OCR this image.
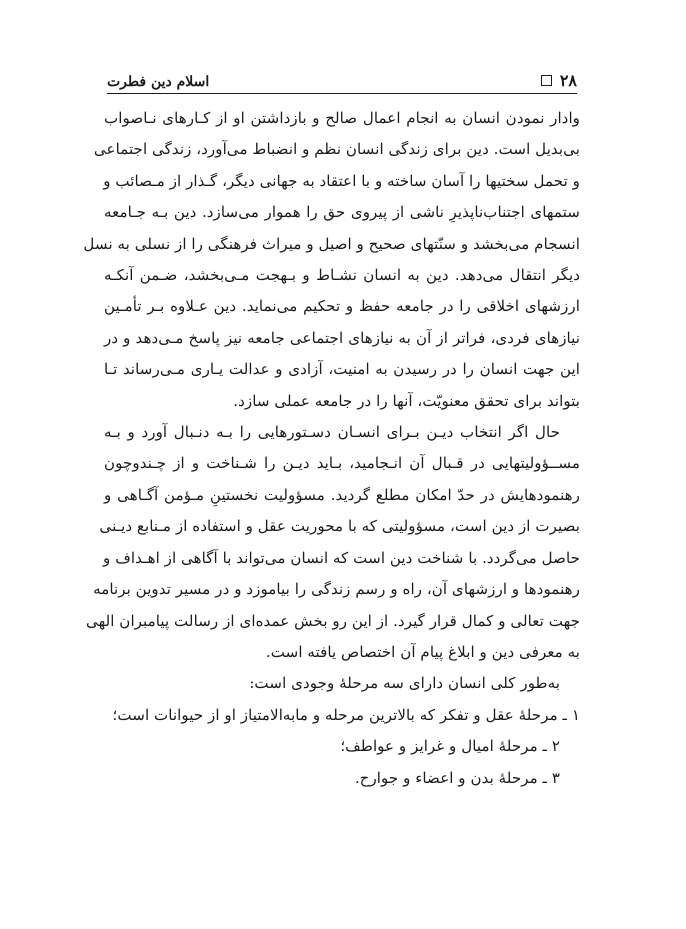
۲۸
اسلام دین فطرت

وادار نمودن انسان به انجام اعمال صالح و بازداشتن او از کـارهای نـاصواب
بی‌بدیل است. دین برای زندگی انسان نظم و انضباط می‌آورد، زندگی اجتماعی
و تحمل سختیها را آسان ساخته و با اعتقاد به جهانی دیگر، گـذار از مـصائب و
ستمهای اجتناب‌ناپذیرِ ناشی از پیروی حق را هموار می‌سازد. دین بـه جـامعه
انسجام می‌بخشد و سنّتهای صحیح و اصیل و میراث فرهنگی را از نسلی به نسل
دیگر انتقال می‌دهد. دین به انسان نشـاط و بـهجت مـی‌بخشد، ضـمن آنکـه
ارزشهای اخلاقی را در جامعه حفظ و تحکیم می‌نماید. دین عـلاوه بـر تأمـین
نیازهای فردی، فراتر از آن به نیازهای اجتماعی جامعه نیز پاسخ مـی‌دهد و در
این جهت انسان را در رسیدن به امنیت، آزادی و عدالت یـاری مـی‌رساند تـا
بتواند برای تحقق معنویّت، آنها را در جامعه عملی سازد.

حال اگر انتخاب دیـن بـرای انسـان دسـتورهایی را بـه دنـبال آورد و بـه
مســؤولیتهایی در قـبال آن انـجامید، بـاید دیـن را شـناخت و از چـندوچون
رهنمودهایش در حدّ امکان مطلع گردید. مسؤولیت نخستینِ مـؤمن آگـاهی و
بصیرت از دین است، مسؤولیتی که با محوریت عقل و استفاده از مـنابع دیـنی
حاصل می‌گردد. با شناخت دین است که انسان می‌تواند با آگاهی از اهـداف و
رهنمودها و ارزشهای آن، راه و رسم زندگی را بیاموزد و در مسیر تدوین برنامه
جهت تعالی و کمال قرار گیرد. از این رو بخش عمده‌ای از رسالت پیامبران الهی
به معرفی دین و ابلاغ پیام آن اختصاص یافته است.

به‌طور کلی انسان دارای سه مرحلۀ وجودی است:

۱ ـ مرحلۀ عقل و تفکر که بالاترین مرحله و مابه‌الامتیاز او از حیوانات است؛
۲ ـ مرحلۀ امیال و غرایز و عواطف؛
۳ ـ مرحلۀ بدن و اعضاء و جوارح.
